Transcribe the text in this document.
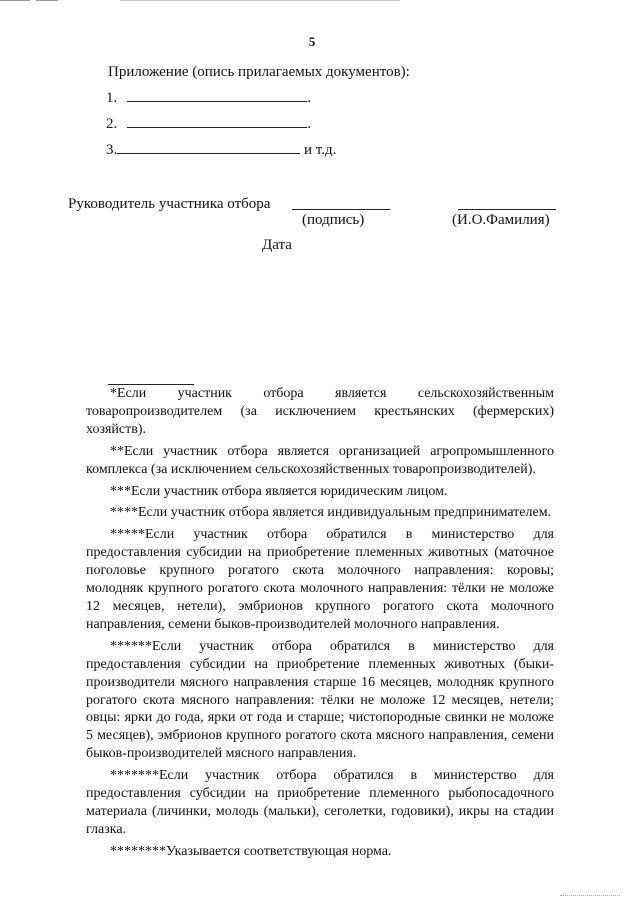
5
Приложение (опись прилагаемых документов):
1.	.
2.	.
3.	и т.д.
Руководитель участника отбора
(подпись)	(И.О.Фамилия)
Дата

*Если участник отбора является сельскохозяйственным товаропроизводителем (за исключением крестьянских (фермерских) хозяйств).

**Если участник отбора является организацией агропромышленного комплекса (за исключением сельскохозяйственных товаропроизводителей).

***Если участник отбора является юридическим лицом.

****Если участник отбора является индивидуальным предпринимателем.

*****Если участник отбора обратился в министерство для предоставления субсидии на приобретение племенных животных (маточное поголовье крупного рогатого скота молочного направления: коровы; молодняк крупного рогатого скота молочного направления: тёлки не моложе 12 месяцев, нетели), эмбрионов крупного рогатого скота молочного направления, семени быков-производителей молочного направления.

******Если участник отбора обратился в министерство для предоставления субсидии на приобретение племенных животных (быки-производители мясного направления старше 16 месяцев, молодняк крупного рогатого скота мясного направления: тёлки не моложе 12 месяцев, нетели; овцы: ярки до года, ярки от года и старше; чистопородные свинки не моложе 5 месяцев), эмбрионов крупного рогатого скота мясного направления, семени быков-производителей мясного направления.

*******Если участник отбора обратился в министерство для предоставления субсидии на приобретение племенного рыбопосадочного материала (личинки, молодь (мальки), сеголетки, годовики), икры на стадии глазка.

********Указывается соответствующая норма.
